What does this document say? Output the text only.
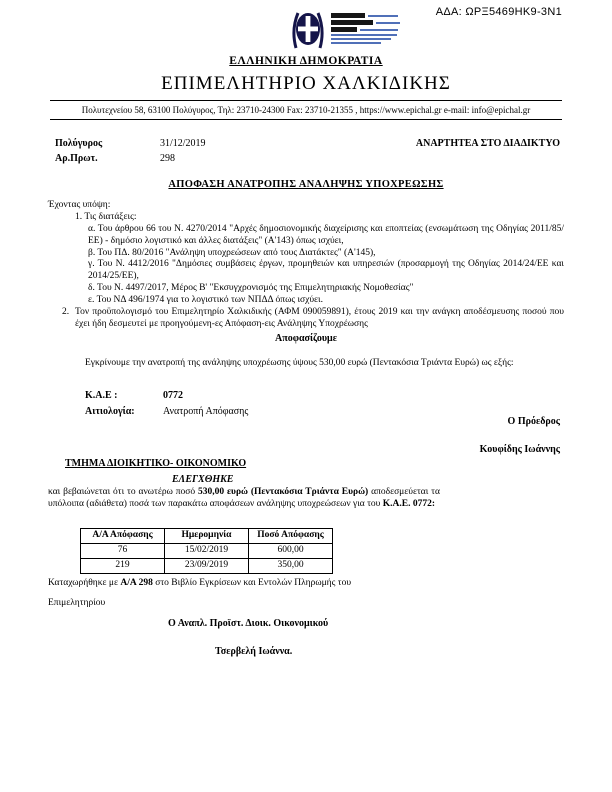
ΑΔΑ: ΩΡΞ5469ΗΚ9-3Ν1
ΕΛΛΗΝΙΚΗ ΔΗΜΟΚΡΑΤΙΑ
ΕΠΙΜΕΛΗΤΗΡΙΟ ΧΑΛΚΙΔΙΚΗΣ
Πολυτεχνείου 58, 63100 Πολύγυρος, Τηλ: 23710-24300 Fax: 23710-21355 , https://www.epichal.gr e-mail: info@epichal.gr
Πολύγυρος	31/12/2019
Αρ.Πρωτ.	298
ΑΝΑΡΤΗΤΕΑ ΣΤΟ ΔΙΑΔΙΚΤΥΟ
ΑΠΟΦΑΣΗ ΑΝΑΤΡΟΠΗΣ ΑΝΑΛΗΨΗΣ ΥΠΟΧΡΕΩΣΗΣ
Έχοντας υπόψη:
1. Τις διατάξεις:
α. Του άρθρου 66 του Ν. 4270/2014 "Αρχές δημοσιονομικής διαχείρισης και εποπτείας (ενσωμάτωση της Οδηγίας 2011/85/ΕΕ) - δημόσιο λογιστικό και άλλες διατάξεις" (Α'143) όπως ισχύει,
β. Του ΠΔ. 80/2016 "Ανάληψη υποχρεώσεων από τους Διατάκτες" (Α'145),
γ. Του Ν. 4412/2016 "Δημόσιες συμβάσεις έργων, προμηθειών και υπηρεσιών (προσαρμογή της Οδηγίας 2014/24/ΕΕ και 2014/25/ΕΕ),
δ. Του Ν. 4497/2017, Μέρος Β' "Εκσυγχρονισμός της Επιμελητηριακής Νομοθεσίας"
ε. Του ΝΔ 496/1974 για το λογιστικό των ΝΠΔΔ όπως ισχύει.
2. Τον προϋπολογισμό του Επιμελητηρίο Χαλκιδικής (ΑΦΜ 090059891), έτους 2019 και την ανάγκη αποδέσμευσης ποσού που έχει ήδη δεσμευτεί με προηγούμενη-ες Απόφαση-εις Ανάληψης Υποχρέωσης
Αποφασίζουμε
Εγκρίνουμε την ανατροπή της ανάληψης υποχρέωσης ύψους 530,00 ευρώ (Πεντακόσια Τριάντα Ευρώ) ως εξής:
Κ.Α.Ε :	0772
Αιτιολογία:	Ανατροπή Απόφασης
Ο Πρόεδρος
Κουφίδης Ιωάννης
ΤΜΗΜΑ ΔΙΟΙΚΗΤΙΚΟ- ΟΙΚΟΝΟΜΙΚΟ
ΕΛΕΓΧΘΗΚΕ
και βεβαιώνεται ότι το ανωτέρω ποσό 530,00 ευρώ (Πεντακόσια Τριάντα Ευρώ) αποδεσμεύεται τα υπόλοιπα (αδιάθετα) ποσά των παρακάτω αποφάσεων ανάληψης υποχρεώσεων για του Κ.Α.Ε. 0772:
Α/Α Απόφασης	Ημερομηνία	Ποσό Απόφασης
76	15/02/2019	600,00
219	23/09/2019	350,00
Καταχωρήθηκε με Α/Α 298 στο Βιβλίο Εγκρίσεων και Εντολών Πληρωμής του
Επιμελητηρίου
Ο Αναπλ. Προϊστ. Διοικ. Οικονομικού
Τσερβελή Ιωάννα.
